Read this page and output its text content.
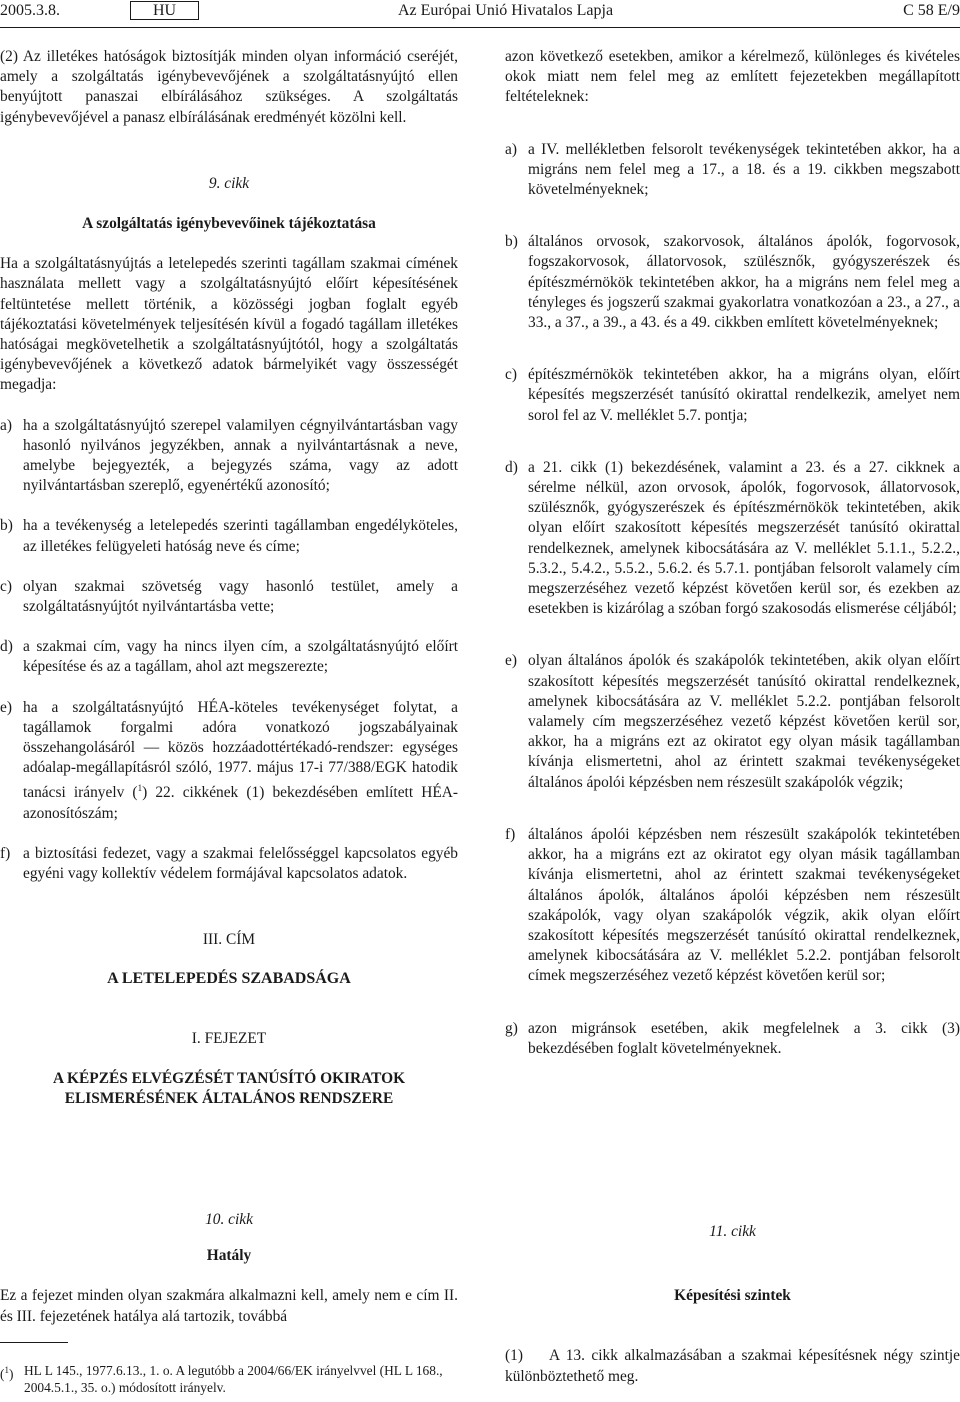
2005.3.8.	HU	Az Európai Unió Hivatalos Lapja	C 58 E/9

(2) Az illetékes hatóságok biztosítják minden olyan információ cseréjét, amely a szolgáltatás igénybevevőjének a szolgáltatásnyújtó ellen benyújtott panaszai elbírálásához szükséges. A szolgáltatás igénybevevőjével a panasz elbírálásának eredményét közölni kell.

9. cikk

A szolgáltatás igénybevevőinek tájékoztatása

Ha a szolgáltatásnyújtás a letelepedés szerinti tagállam szakmai címének használata mellett vagy a szolgáltatásnyújtó előírt képesítésének feltüntetése mellett történik, a közösségi jogban foglalt egyéb tájékoztatási követelmények teljesítésén kívül a fogadó tagállam illetékes hatóságai megkövetelhetik a szolgáltatásnyújtótól, hogy a szolgáltatás igénybevevőjének a következő adatok bármelyikét vagy összességét megadja:

a) ha a szolgáltatásnyújtó szerepel valamilyen cégnyilvántartásban vagy hasonló nyilvános jegyzékben, annak a nyilvántartásnak a neve, amelybe bejegyezték, a bejegyzés száma, vagy az adott nyilvántartásban szereplő, egyenértékű azonosító;
b) ha a tevékenység a letelepedés szerinti tagállamban engedélyköteles, az illetékes felügyeleti hatóság neve és címe;
c) olyan szakmai szövetség vagy hasonló testület, amely a szolgáltatásnyújtót nyilvántartásba vette;
d) a szakmai cím, vagy ha nincs ilyen cím, a szolgáltatásnyújtó előírt képesítése és az a tagállam, ahol azt megszerezte;
e) ha a szolgáltatásnyújtó HÉA-köteles tevékenységet folytat, a tagállamok forgalmi adóra vonatkozó jogszabályainak összehangolásáról — közös hozzáadottértékadó-rendszer: egységes adóalap-megállapításról szóló, 1977. május 17-i 77/388/EGK hatodik tanácsi irányelv ($^1$) 22. cikkének (1) bekezdésében említett HÉA-azonosítószám;
f) a biztosítási fedezet, vagy a szakmai felelősséggel kapcsolatos egyéb egyéni vagy kollektív védelem formájával kapcsolatos adatok.

III. CÍM

A LETELEPEDÉS SZABADSÁGA

I. FEJEZET

A KÉPZÉS ELVÉGZÉSÉT TANÚSÍTÓ OKIRATOK ELISMERÉSÉNEK ÁLTALÁNOS RENDSZERE

10. cikk

Hatály

Ez a fejezet minden olyan szakmára alkalmazni kell, amely nem e cím II. és III. fejezetének hatálya alá tartozik, továbbá

($^1$) HL L 145., 1977.6.13., 1. o. A legutóbb a 2004/66/EK irányelvvel (HL L 168., 2004.5.1., 35. o.) módosított irányelv.

azon következő esetekben, amikor a kérelmező, különleges és kivételes okok miatt nem felel meg az említett fejezetekben megállapított feltételeknek:

a) a IV. mellékletben felsorolt tevékenységek tekintetében akkor, ha a migráns nem felel meg a 17., a 18. és a 19. cikkben megszabott követelményeknek;
b) általános orvosok, szakorvosok, általános ápolók, fogorvosok, fogszakorvosok, állatorvosok, szülésznők, gyógyszerészek és építészmérnökök tekintetében akkor, ha a migráns nem felel meg a tényleges és jogszerű szakmai gyakorlatra vonatkozóan a 23., a 27., a 33., a 37., a 39., a 43. és a 49. cikkben említett követelményeknek;
c) építészmérnökök tekintetében akkor, ha a migráns olyan, előírt képesítés megszerzését tanúsító okirattal rendelkezik, amelyet nem sorol fel az V. melléklet 5.7. pontja;
d) a 21. cikk (1) bekezdésének, valamint a 23. és a 27. cikknek a sérelme nélkül, azon orvosok, ápolók, fogorvosok, állatorvosok, szülésznők, gyógyszerészek és építészmérnökök tekintetében, akik olyan előírt szakosított képesítés megszerzését tanúsító okirattal rendelkeznek, amelynek kibocsátására az V. melléklet 5.1.1., 5.2.2., 5.3.2., 5.4.2., 5.5.2., 5.6.2. és 5.7.1. pontjában felsorolt valamely cím megszerzéséhez vezető képzést követően kerül sor, és ezekben az esetekben is kizárólag a szóban forgó szakosodás elismerése céljából;
e) olyan általános ápolók és szakápolók tekintetében, akik olyan előírt szakosított képesítés megszerzését tanúsító okirattal rendelkeznek, amelynek kibocsátására az V. melléklet 5.2.2. pontjában felsorolt valamely cím megszerzéséhez vezető képzést követően kerül sor, akkor, ha a migráns ezt az okiratot egy olyan másik tagállamban kívánja elismertetni, ahol az érintett szakmai tevékenységeket általános ápolói képzésben nem részesült szakápolók végzik;
f) általános ápolói képzésben nem részesült szakápolók tekintetében akkor, ha a migráns ezt az okiratot egy olyan másik tagállamban kívánja elismertetni, ahol az érintett szakmai tevékenységeket általános ápolók, általános ápolói képzésben nem részesült szakápolók, vagy olyan szakápolók végzik, akik olyan előírt szakosított képesítés megszerzését tanúsító okirattal rendelkeznek, amelynek kibocsátására az V. melléklet 5.2.2. pontjában felsorolt címek megszerzéséhez vezető képzést követően kerül sor;
g) azon migránsok esetében, akik megfelelnek a 3. cikk (3) bekezdésében foglalt követelményeknek.

11. cikk

Képesítési szintek

(1) A 13. cikk alkalmazásában a szakmai képesítésnek négy szintje különböztethető meg.
